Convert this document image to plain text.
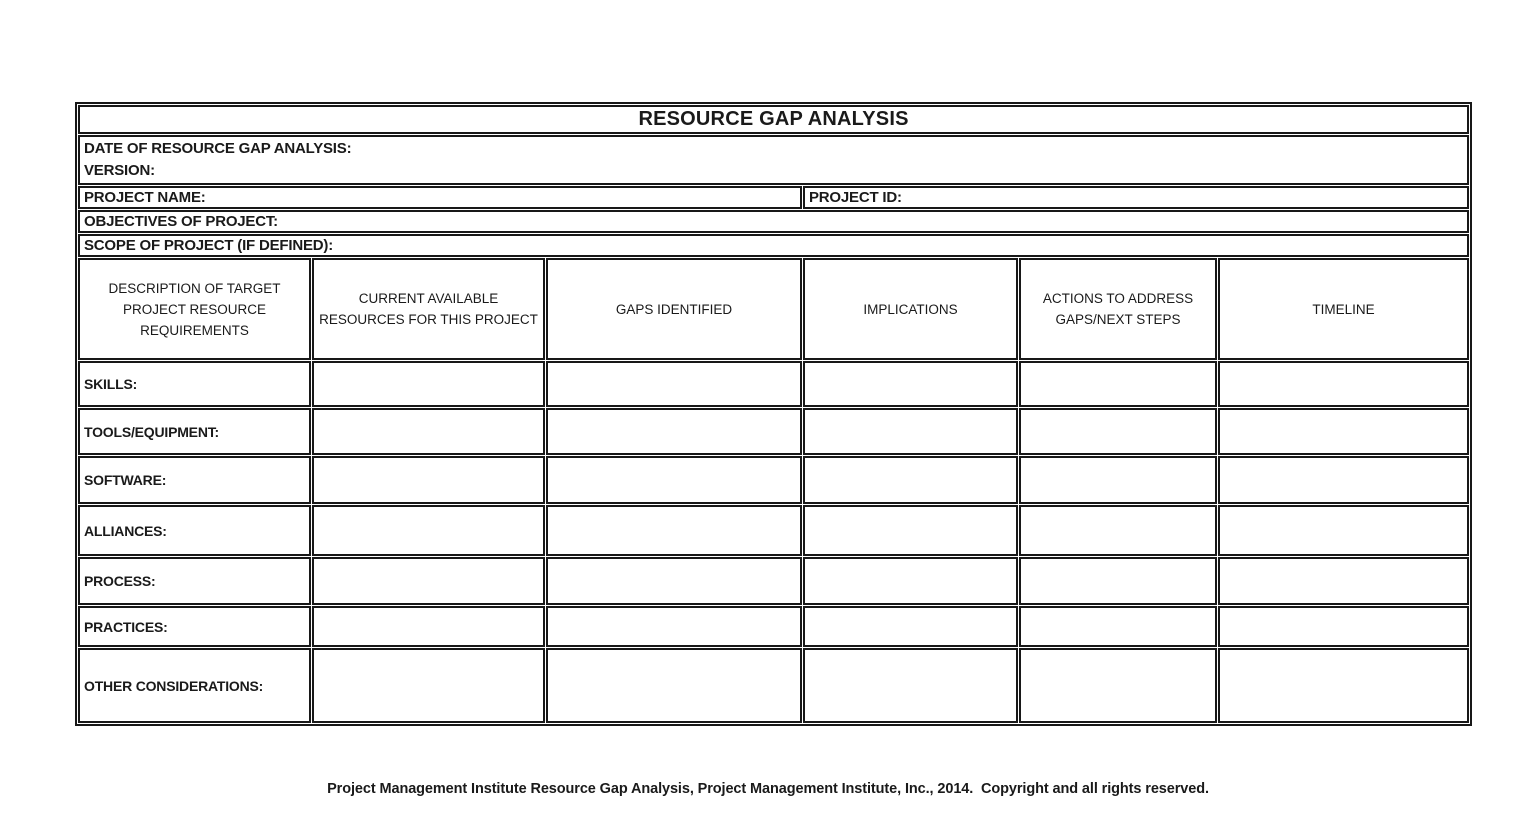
RESOURCE GAP ANALYSIS					

DATE OF RESOURCE GAP ANALYSIS:
VERSION:					

PROJECT NAME:			PROJECT ID:		
OBJECTIVES OF PROJECT:					
SCOPE OF PROJECT (IF DEFINED):					
DESCRIPTION OF TARGET PROJECT RESOURCE REQUIREMENTS	CURRENT AVAILABLE RESOURCES FOR THIS PROJECT	GAPS IDENTIFIED	IMPLICATIONS	ACTIONS TO ADDRESS GAPS/NEXT STEPS	TIMELINE
SKILLS:					
TOOLS/EQUIPMENT:					
SOFTWARE:					
ALLIANCES:					
PROCESS:					
PRACTICES:					
OTHER CONSIDERATIONS:					
Project Management Institute Resource Gap Analysis, Project Management Institute, Inc., 2014.  Copyright and all rights reserved.
